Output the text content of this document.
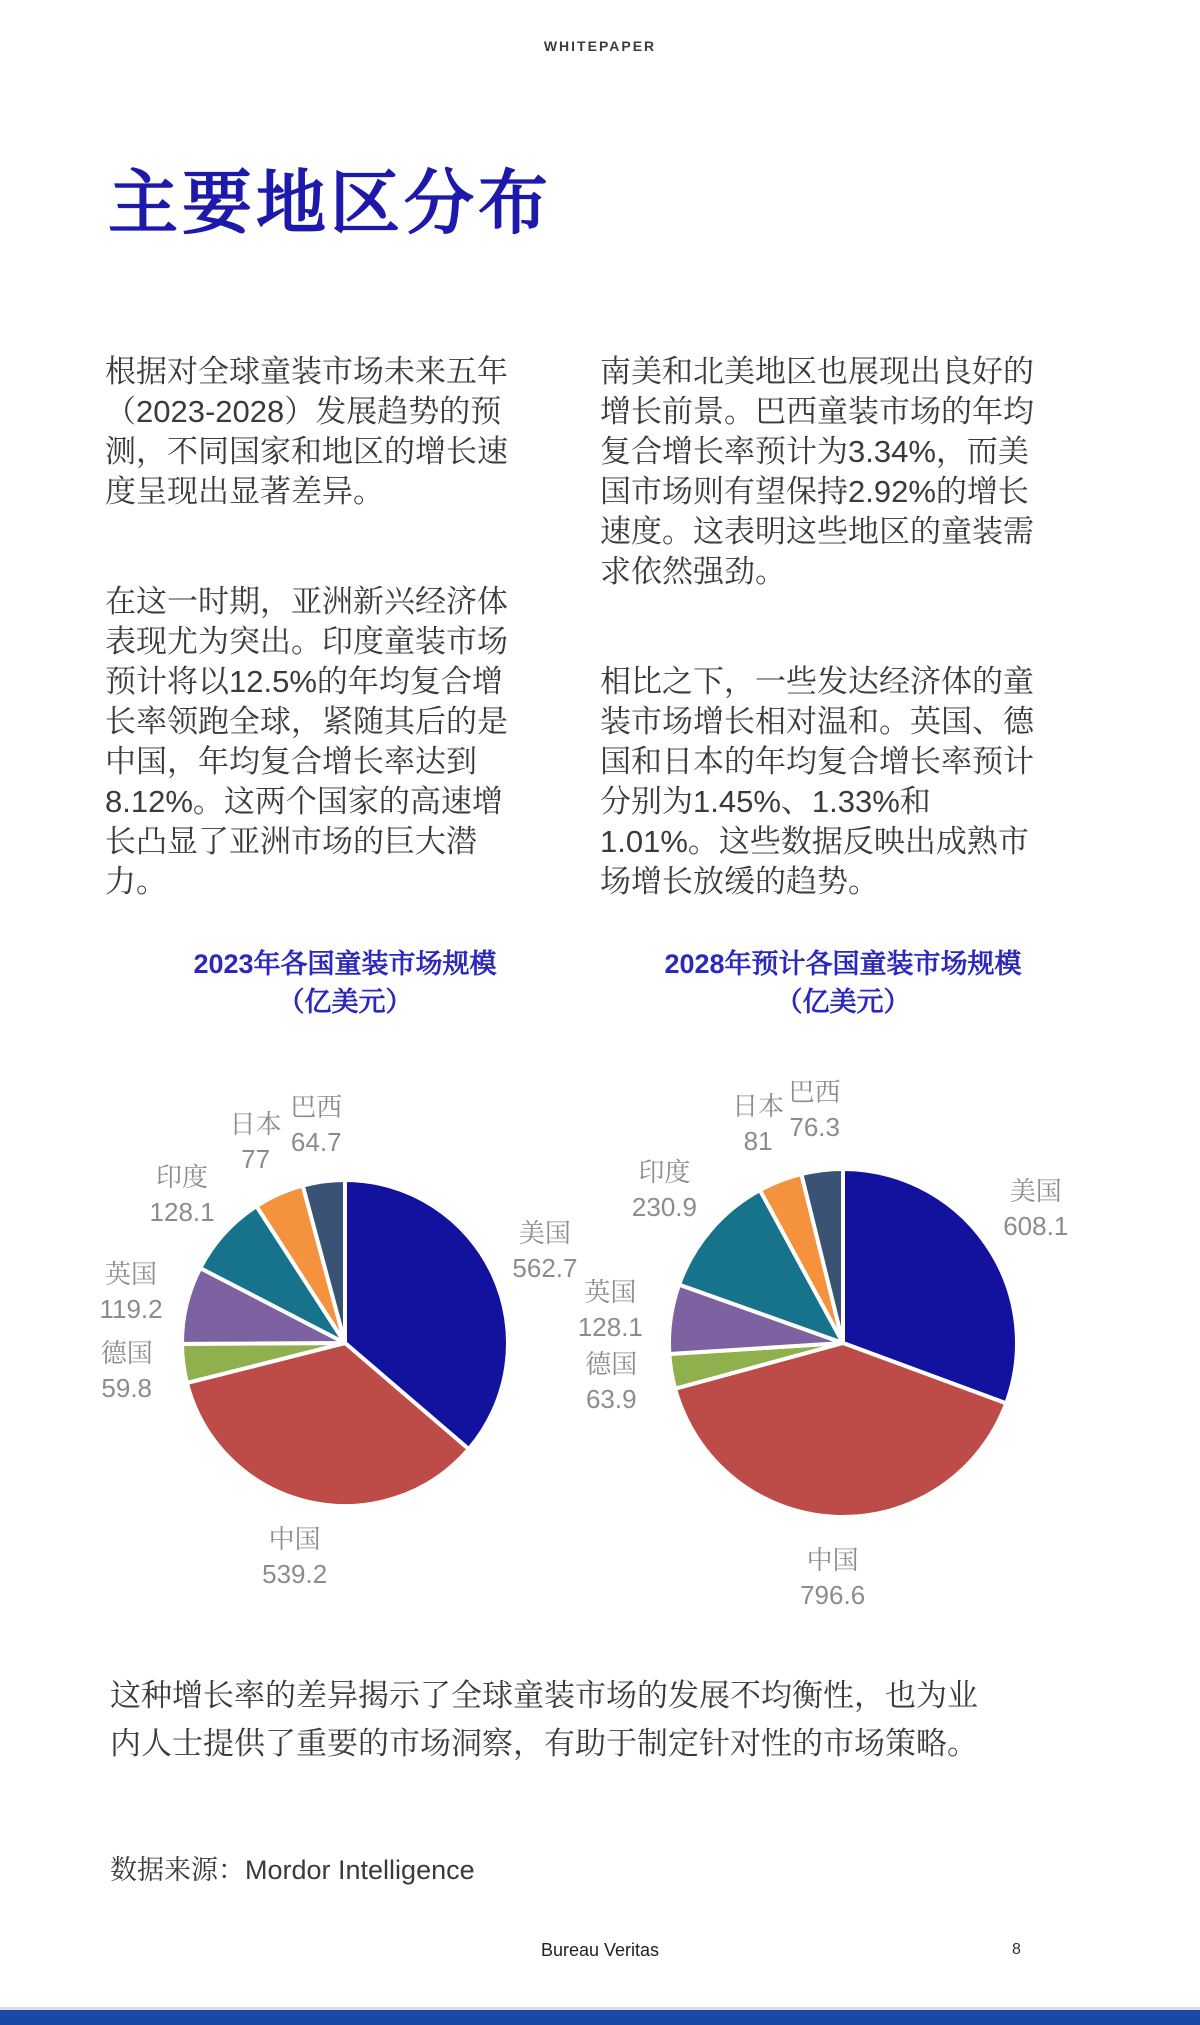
WHITEPAPER
主要地区分布

根据对全球童装市场未来五年（2023-2028）发展趋势的预测，不同国家和地区的增长速度呈现出显著差异。

在这一时期，亚洲新兴经济体表现尤为突出。印度童装市场预计将以12.5%的年均复合增长率领跑全球，紧随其后的是中国，年均复合增长率达到8.12%。这两个国家的高速增长凸显了亚洲市场的巨大潜力。

南美和北美地区也展现出良好的增长前景。巴西童装市场的年均复合增长率预计为3.34%，而美国市场则有望保持2.92%的增长速度。这表明这些地区的童装需求依然强劲。

相比之下，一些发达经济体的童装市场增长相对温和。英国、德国和日本的年均复合增长率预计分别为1.45%、1.33%和1.01%。这些数据反映出成熟市场增长放缓的趋势。

2023年各国童装市场规模
（亿美元）
美国
562.7
中国
539.2
德国
59.8
英国
119.2
印度
128.1
日本
77
巴西
64.7
2028年预计各国童装市场规模
（亿美元）
美国
608.1
中国
796.6
德国
63.9
英国
128.1
印度
230.9
日本
81
巴西
76.3

这种增长率的差异揭示了全球童装市场的发展不均衡性，也为业内人士提供了重要的市场洞察，有助于制定针对性的市场策略。

数据来源：Mordor Intelligence
Bureau Veritas	8
